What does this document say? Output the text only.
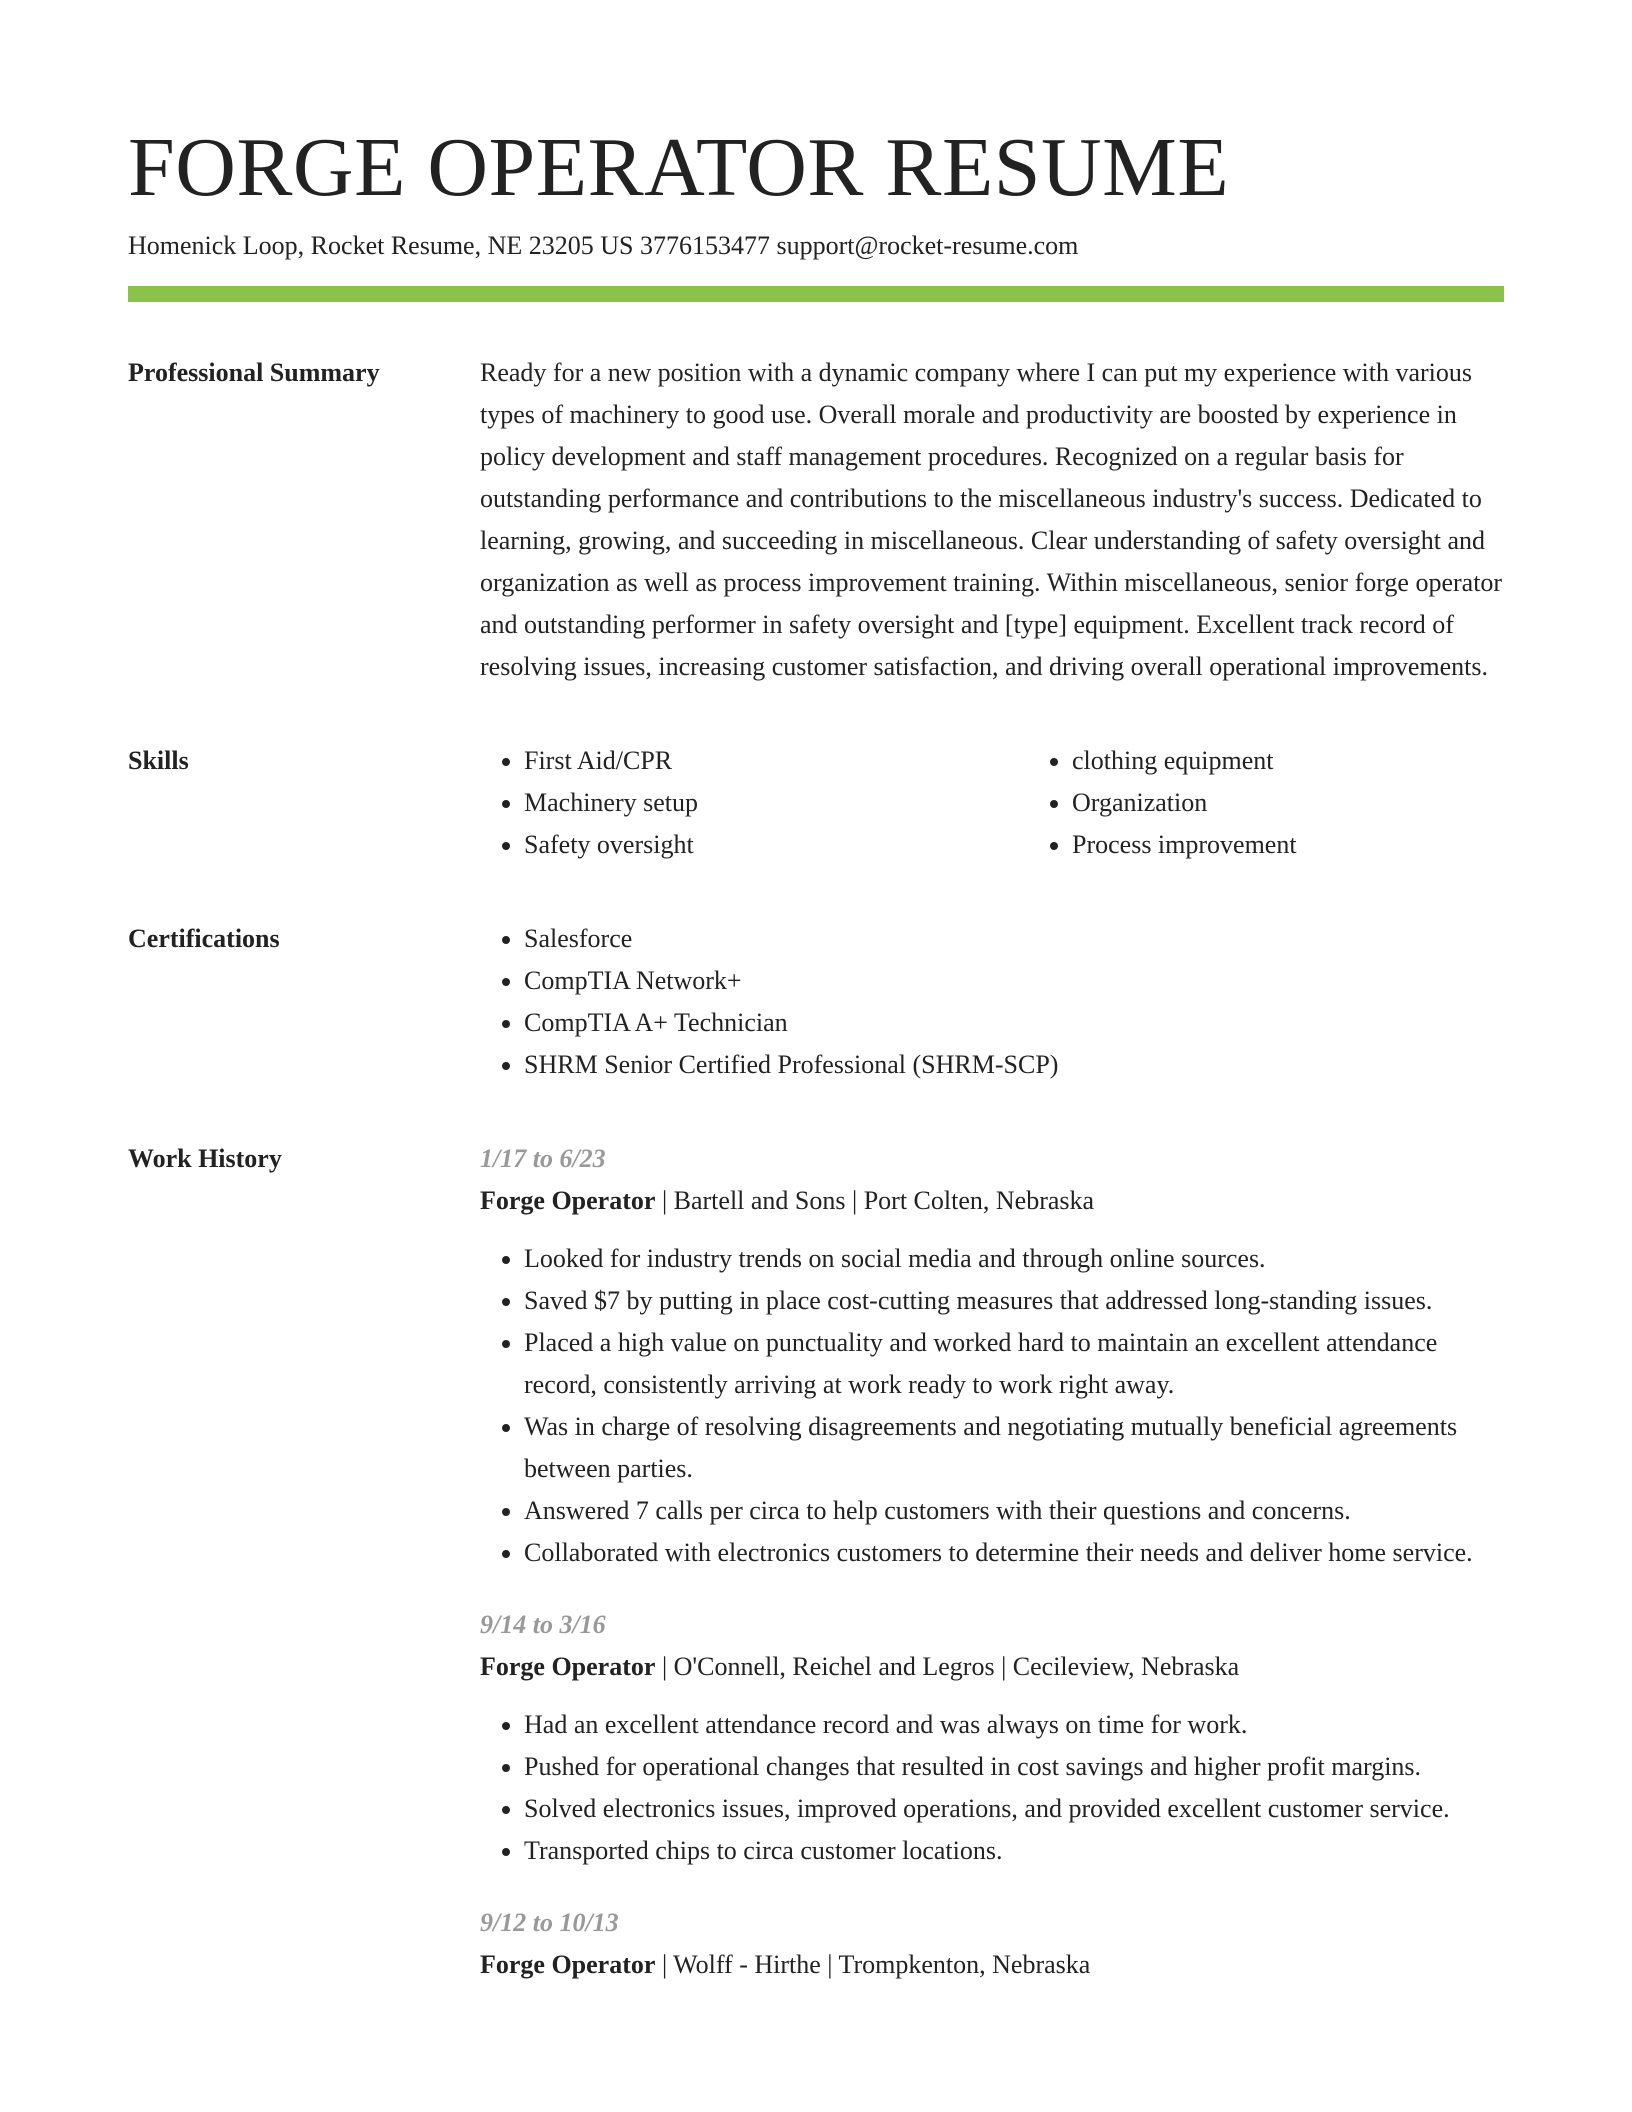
FORGE OPERATOR RESUME
Homenick Loop, Rocket Resume, NE 23205 US 3776153477 support@rocket-resume.com
Professional Summary	Ready for a new position with a dynamic company where I can put my experience with various types of machinery to good use. Overall morale and productivity are boosted by experience in policy development and staff management procedures. Recognized on a regular basis for outstanding performance and contributions to the miscellaneous industry's success. Dedicated to learning, growing, and succeeding in miscellaneous. Clear understanding of safety oversight and organization as well as process improvement training. Within miscellaneous, senior forge operator and outstanding performer in safety oversight and [type] equipment. Excellent track record of resolving issues, increasing customer satisfaction, and driving overall operational improvements.

Skills	• First Aid/CPR
• Machinery setup
• Safety oversight
• clothing equipment
• Organization
• Process improvement
Certifications	• Salesforce
• CompTIA Network+
• CompTIA A+ Technician
• SHRM Senior Certified Professional (SHRM-SCP)
Work History	1/17 to 6/23
Forge Operator | Bartell and Sons | Port Colten, Nebraska
• Looked for industry trends on social media and through online sources.
• Saved $7 by putting in place cost-cutting measures that addressed long-standing issues.
• Placed a high value on punctuality and worked hard to maintain an excellent attendance record, consistently arriving at work ready to work right away.
• Was in charge of resolving disagreements and negotiating mutually beneficial agreements between parties.
• Answered 7 calls per circa to help customers with their questions and concerns.
• Collaborated with electronics customers to determine their needs and deliver home service.
9/14 to 3/16
Forge Operator | O'Connell, Reichel and Legros | Cecileview, Nebraska
• Had an excellent attendance record and was always on time for work.
• Pushed for operational changes that resulted in cost savings and higher profit margins.
• Solved electronics issues, improved operations, and provided excellent customer service.
• Transported chips to circa customer locations.
9/12 to 10/13
Forge Operator | Wolff - Hirthe | Trompkenton, Nebraska
